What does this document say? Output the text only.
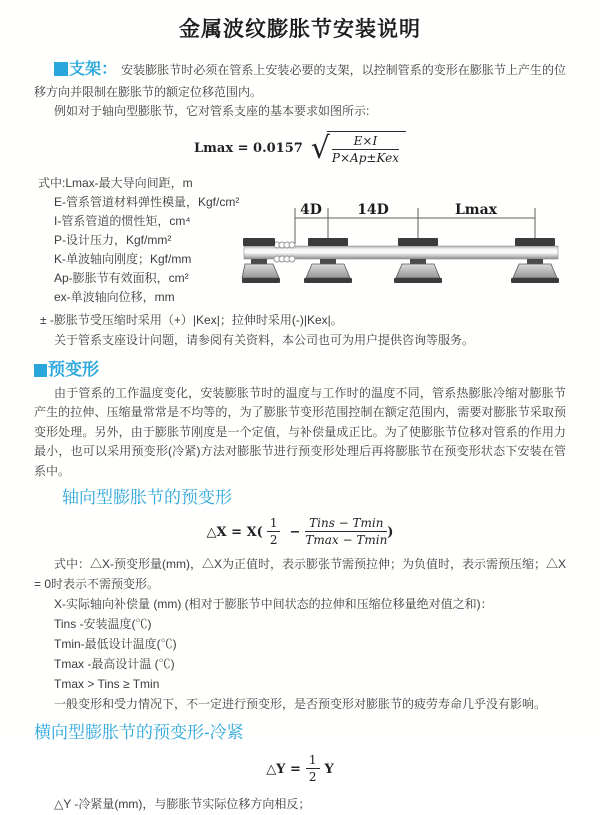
金属波纹膨胀节安装说明

支架： 安装膨胀节时必须在管系上安装必要的支架，以控制管系的变形在膨胀节上产生的位移方向并限制在膨胀节的额定位移范围内。

例如对于轴向型膨胀节，它对管系支座的基本要求如图所示:

Lmax = 0.0157 √ $\frac{E\times I}{\text{P×Ap±Kex}}$
式中:Lmax-最大导向间距，m
E-管系管道材料弹性模量，Kgf/cm²
I-管系管道的惯性矩，cm⁴
P-设计压力，Kgf/mm²
K-单波轴向刚度；Kgf/mm
Ap-膨胀节有效面积，cm²
ex-单波轴向位移，mm
4D	14D	Lmax
± -膨胀节受压缩时采用（+）|Kex|；拉伸时采用(-)|Kex|。
关于管系支座设计问题，请参阅有关资料，本公司也可为用户提供咨询等服务。
预变形

由于管系的工作温度变化，安装膨胀节时的温度与工作时的温度不同，管系热膨胀冷缩对膨胀节产生的拉伸、压缩量常常是不均等的，为了膨胀节变形范围控制在额定范围内，需要对膨胀节采取预变形处理。另外，由于膨胀节刚度是一个定值，与补偿量成正比。为了使膨胀节位移对管系的作用力最小，也可以采用预变形(冷紧)方法对膨胀节进行预变形处理后再将膨胀节在预变形状态下安装在管系中。

轴向型膨胀节的预变形
△X = $X( \frac{1}{2} - \frac{\text{Tins − Tmin}}{Tmax - Tmin}$ )

式中：△X-预变形量(mm)，△X为正值时，表示膨张节需预拉伸；为负值时，表示需预压缩；△X = 0时表示不需预变形。

X-实际轴向补偿量 (mm) (相对于膨胀节中间状态的拉伸和压缩位移量绝对值之和)：
Tins -安装温度(℃)
Tmin-最低设计温度(℃)
Tmax -最高设计温 (℃)
Tmax > Tins ≥ Tmin
一般变形和受力情况下，不一定进行预变形，是否预变形对膨胀节的疲劳寿命几乎没有影响。
横向型膨胀节的预变形-冷紧
△Y = $\frac{1}{2}$ Y
△Y -冷紧量(mm)，与膨胀节实际位移方向相反；
